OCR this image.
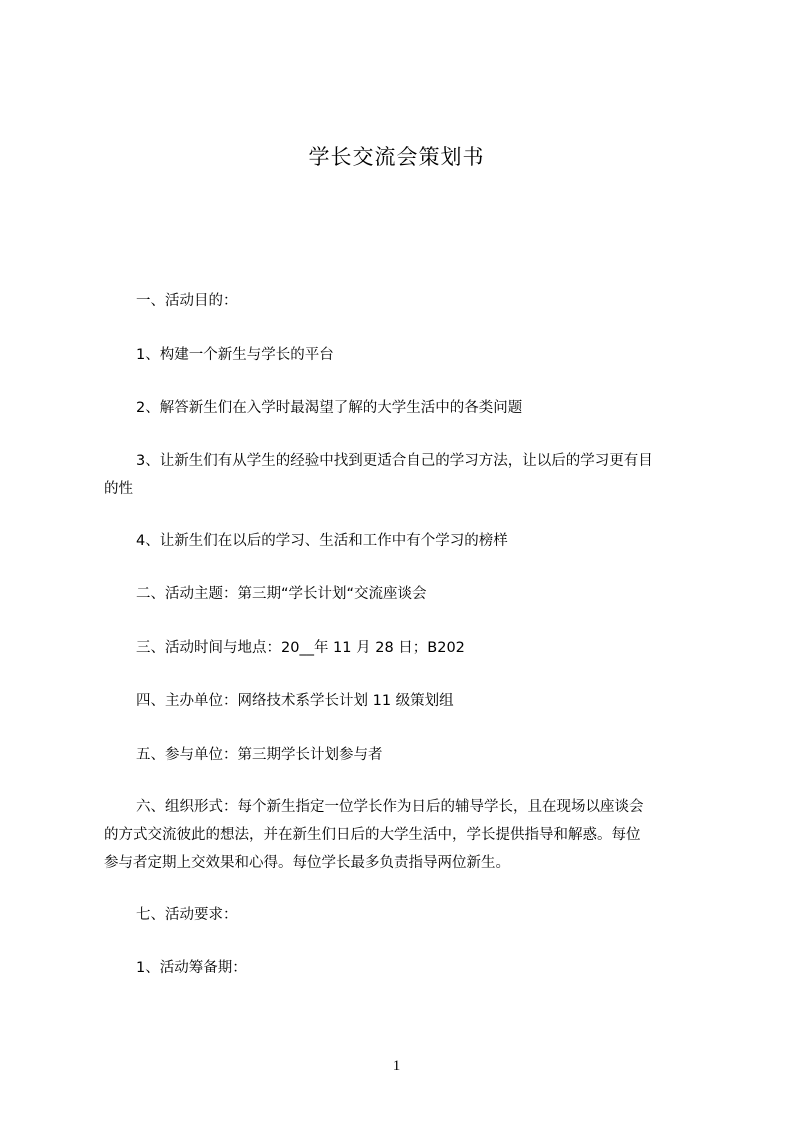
学长交流会策划书
一、活动目的：
1、构建一个新生与学长的平台
2、解答新生们在入学时最渴望了解的大学生活中的各类问题
3、让新生们有从学生的经验中找到更适合自己的学习方法，让以后的学习更有目
的性
4、让新生们在以后的学习、生活和工作中有个学习的榜样
二、活动主题：第三期“学长计划“交流座谈会
三、活动时间与地点：20__年 11 月 28 日；B202
四、主办单位：网络技术系学长计划 11 级策划组
五、参与单位：第三期学长计划参与者
六、组织形式：每个新生指定一位学长作为日后的辅导学长，且在现场以座谈会
的方式交流彼此的想法，并在新生们日后的大学生活中，学长提供指导和解惑。每位
参与者定期上交效果和心得。每位学长最多负责指导两位新生。
七、活动要求：
1、活动筹备期：
1
